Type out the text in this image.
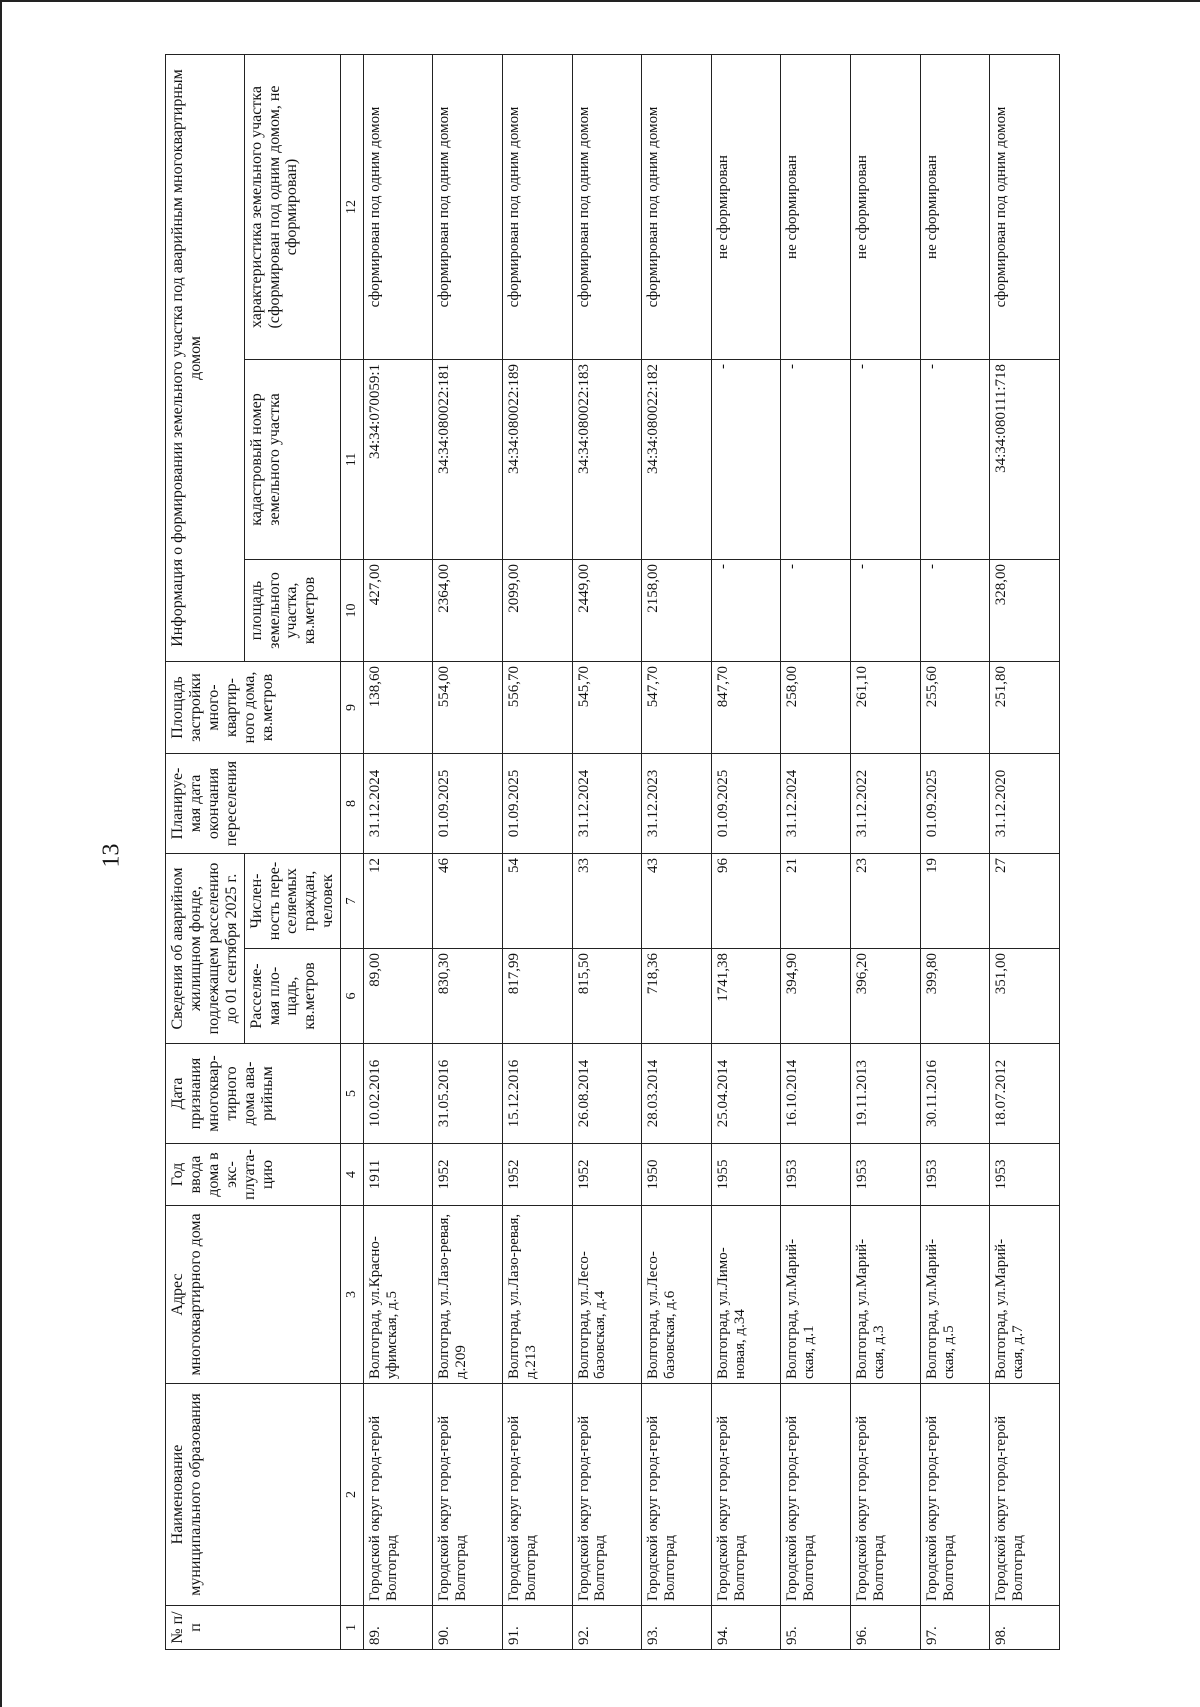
13
№ п/п	Наименование муниципального образования	Адрес многоквартирного дома	Год ввода дома в экс-плуата-цию	Дата признания многоквар-тирного дома ава-рийным	Сведения об аварийном жилищном фонде, подлежащем расселению до 01 сентября 2025 г.		Планируе-мая дата окончания переселения	Площадь застройки много-квартир-ного дома, кв.метров	Информация о формировании земельного участка под аварийным многоквартирным домом		
					Расселяе-мая пло-щадь, кв.метров	Числен-ность пере-селяемых граждан, человек			площадь земельного участка, кв.метров	кадастровый номер земельного участка	характеристика земельного участка (сформирован под одним домом, не сформирован)
1	2	3	4	5	6	7	8	9	10	11	12
89.	Городской округ город-герой Волгоград	Волгоград, ул.Красно-уфимская, д.5	1911	10.02.2016	89,00	12	31.12.2024	138,60	427,00	34:34:070059:1	сформирован под одним домом
90.	Городской округ город-герой Волгоград	Волгоград, ул.Лазо-ревая, д.209	1952	31.05.2016	830,30	46	01.09.2025	554,00	2364,00	34:34:080022:181	сформирован под одним домом
91.	Городской округ город-герой Волгоград	Волгоград, ул.Лазо-ревая, д.213	1952	15.12.2016	817,99	54	01.09.2025	556,70	2099,00	34:34:080022:189	сформирован под одним домом
92.	Городской округ город-герой Волгоград	Волгоград, ул.Лесо-базовская, д.4	1952	26.08.2014	815,50	33	31.12.2024	545,70	2449,00	34:34:080022:183	сформирован под одним домом
93.	Городской округ город-герой Волгоград	Волгоград, ул.Лесо-базовская, д.6	1950	28.03.2014	718,36	43	31.12.2023	547,70	2158,00	34:34:080022:182	сформирован под одним домом
94.	Городской округ город-герой Волгоград	Волгоград, ул.Лимо-новая, д.34	1955	25.04.2014	1741,38	96	01.09.2025	847,70	-	-	не сформирован
95.	Городской округ город-герой Волгоград	Волгоград, ул.Марий-ская, д.1	1953	16.10.2014	394,90	21	31.12.2024	258,00	-	-	не сформирован
96.	Городской округ город-герой Волгоград	Волгоград, ул.Марий-ская, д.3	1953	19.11.2013	396,20	23	31.12.2022	261,10	-	-	не сформирован
97.	Городской округ город-герой Волгоград	Волгоград, ул.Марий-ская, д.5	1953	30.11.2016	399,80	19	01.09.2025	255,60	-	-	не сформирован
98.	Городской округ город-герой Волгоград	Волгоград, ул.Марий-ская, д.7	1953	18.07.2012	351,00	27	31.12.2020	251,80	328,00	34:34:080111:718	сформирован под одним домом
